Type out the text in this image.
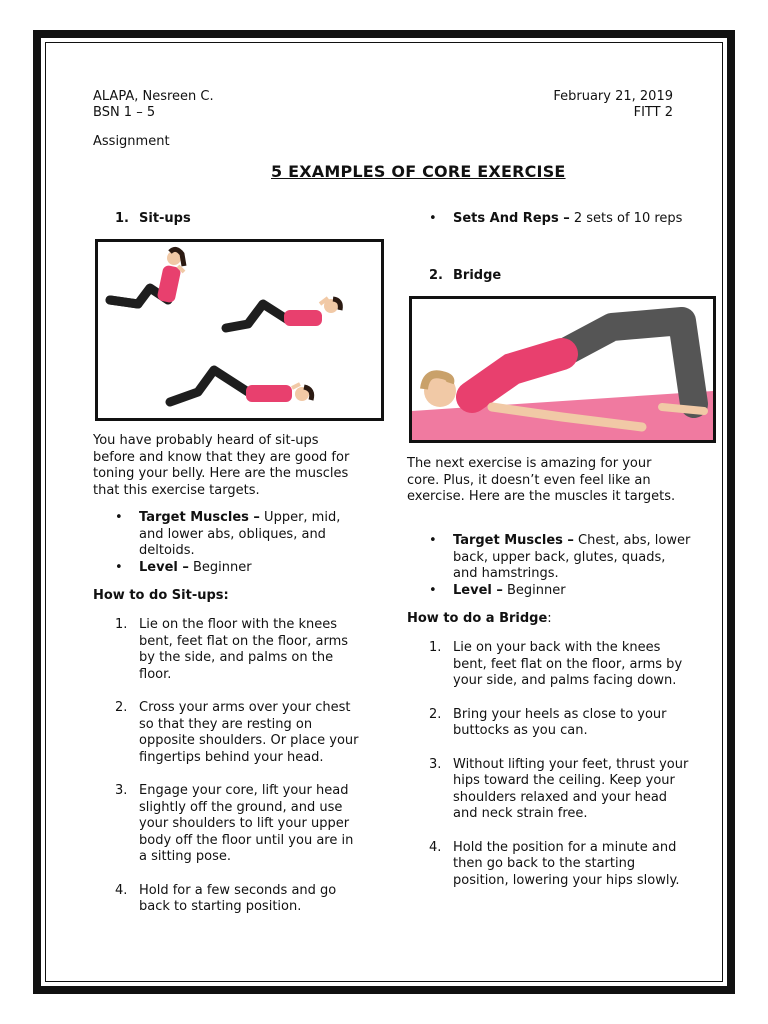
ALAPA, Nesreen C.
BSN 1 – 5
February 21, 2019
FITT 2
Assignment
5 EXAMPLES OF CORE EXERCISE
1. Sit-ups
You have probably heard of sit-ups before and know that they are good for toning your belly. Here are the muscles that this exercise targets.
• Target Muscles – Upper, mid, and lower abs, obliques, and deltoids.
• Level – Beginner
How to do Sit-ups:
1. Lie on the floor with the knees bent, feet flat on the floor, arms by the side, and palms on the floor.
2. Cross your arms over your chest so that they are resting on opposite shoulders. Or place your fingertips behind your head.
3. Engage your core, lift your head slightly off the ground, and use your shoulders to lift your upper body off the floor until you are in a sitting pose.
4. Hold for a few seconds and go back to starting position.
• Sets And Reps – 2 sets of 10 reps
2. Bridge
The next exercise is amazing for your core. Plus, it doesn’t even feel like an exercise. Here are the muscles it targets.
• Target Muscles – Chest, abs, lower back, upper back, glutes, quads, and hamstrings.
• Level – Beginner
How to do a Bridge:
1. Lie on your back with the knees bent, feet flat on the floor, arms by your side, and palms facing down.
2. Bring your heels as close to your buttocks as you can.
3. Without lifting your feet, thrust your hips toward the ceiling. Keep your shoulders relaxed and your head and neck strain free.
4. Hold the position for a minute and then go back to the starting position, lowering your hips slowly.
